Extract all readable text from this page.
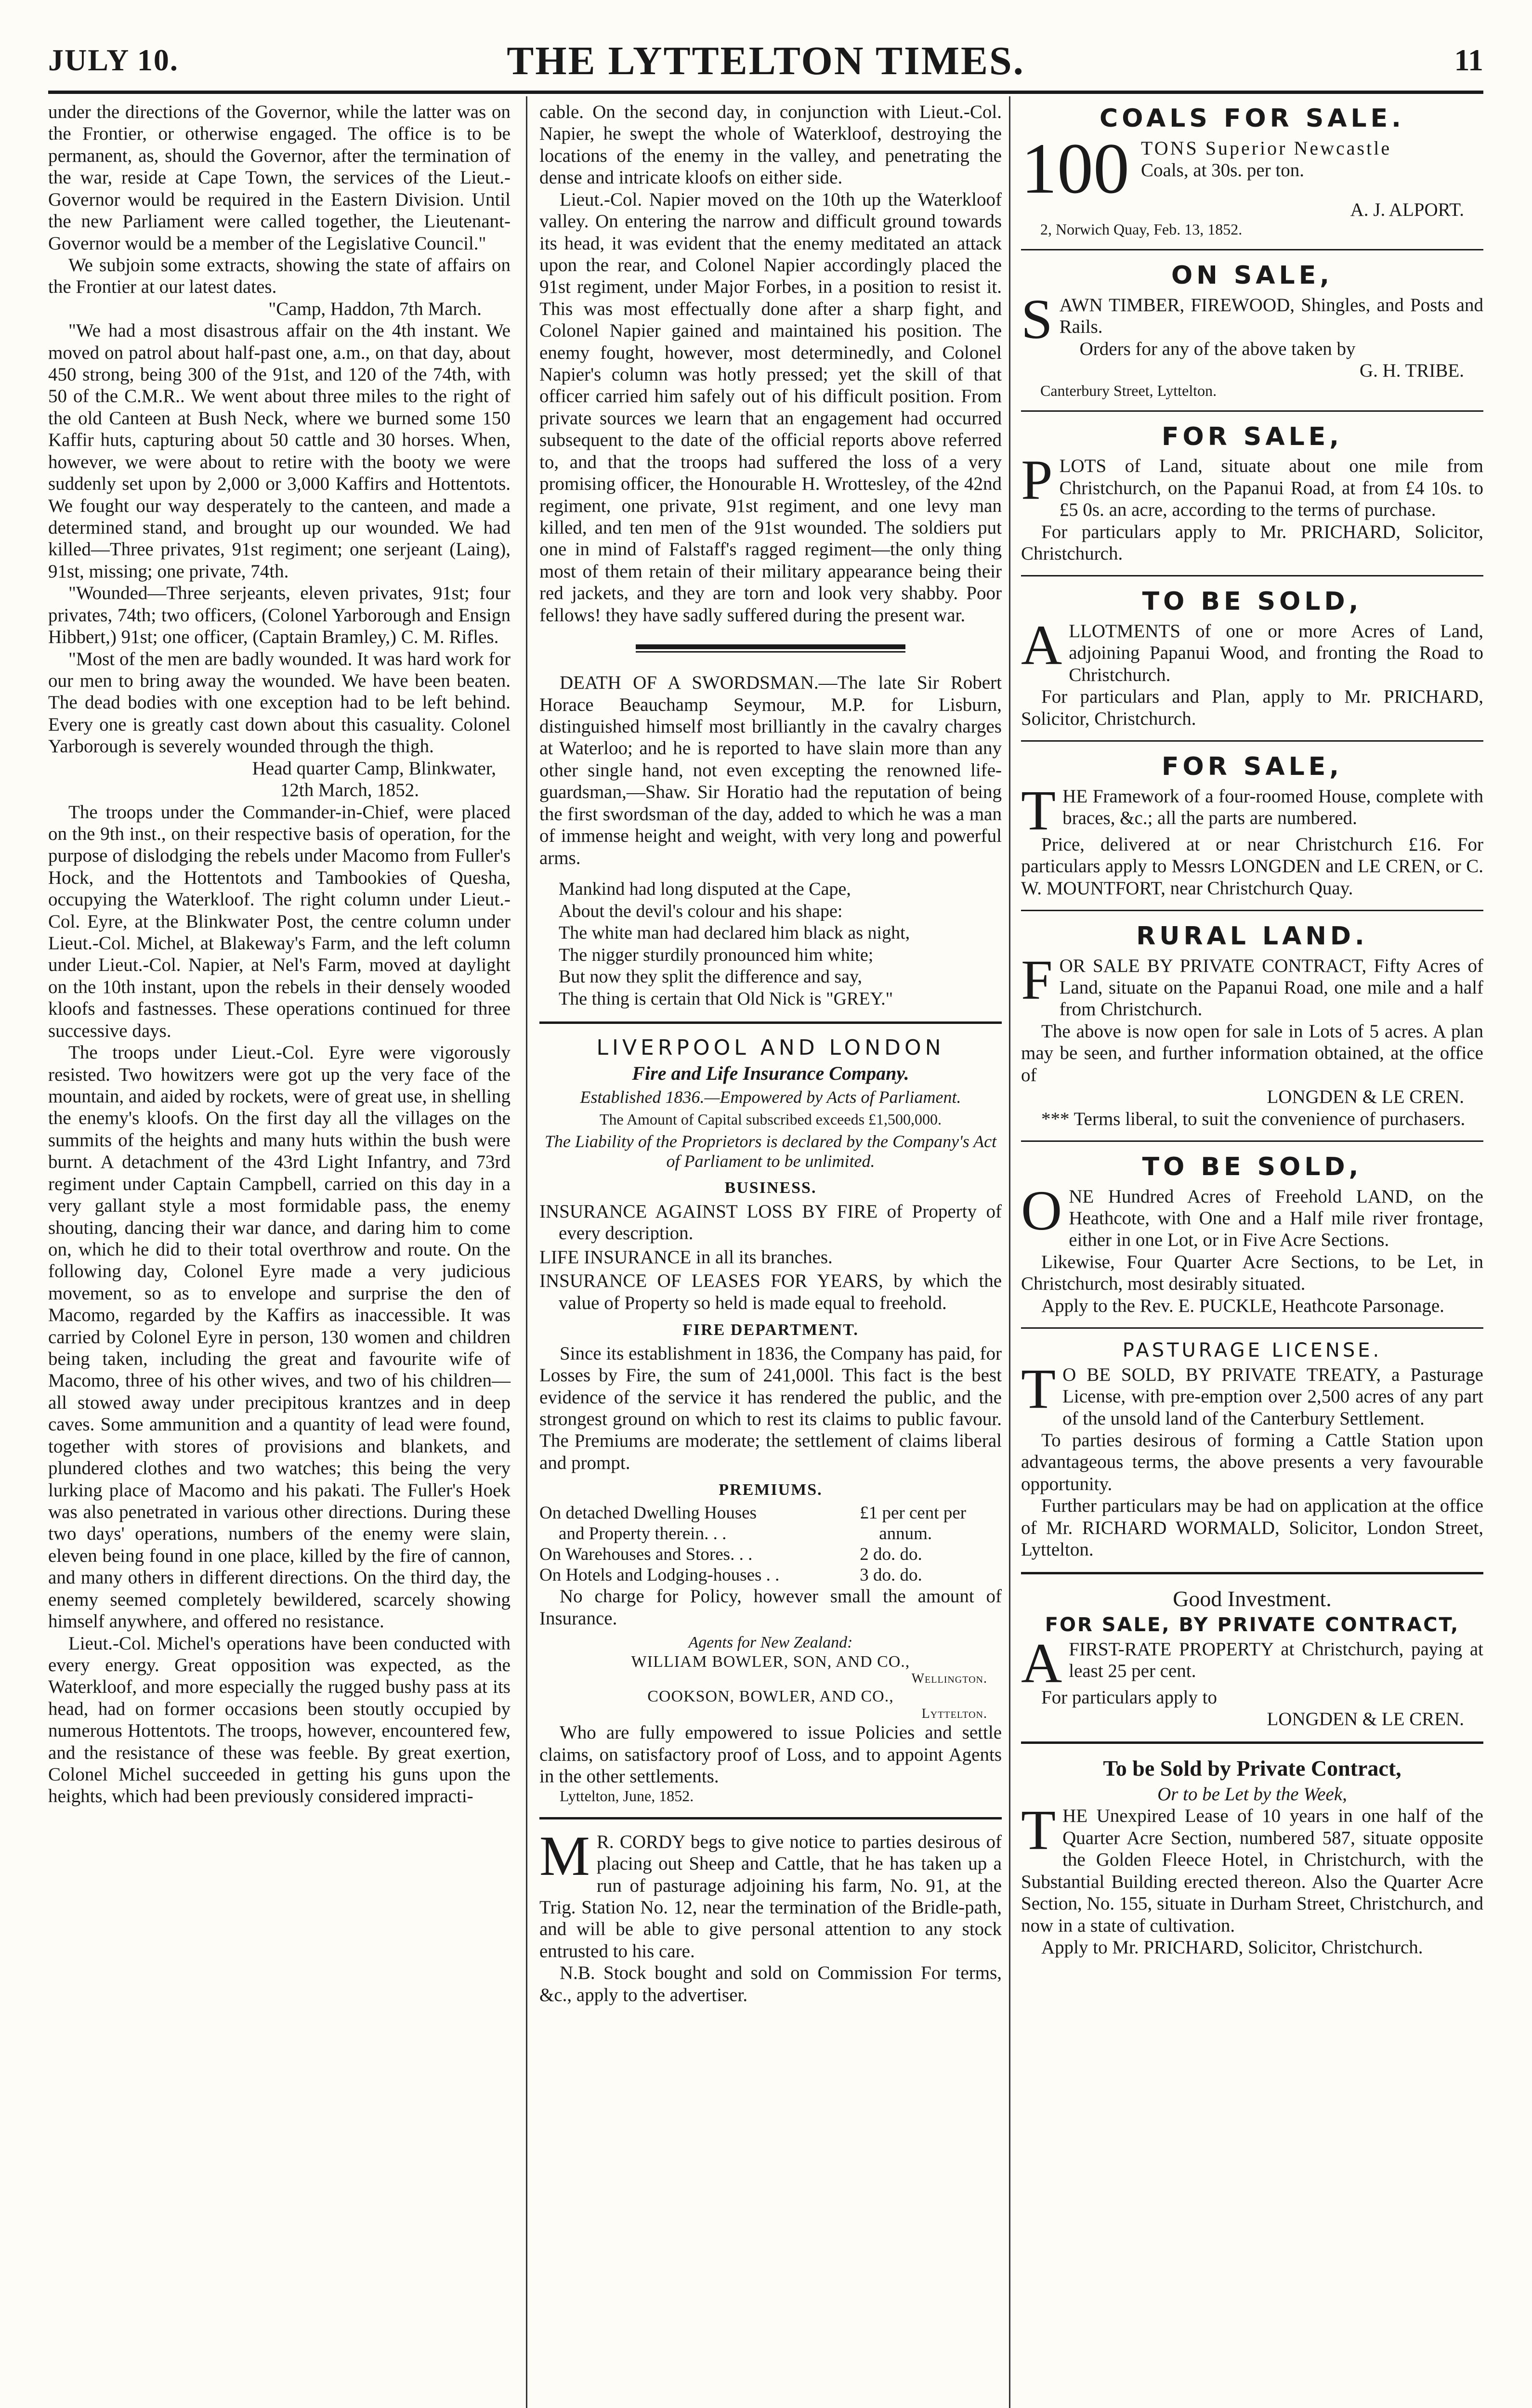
JULY 10.	THE LYTTELTON TIMES.	11

under the directions of the Governor, while the latter was on the Frontier, or otherwise engaged. The office is to be permanent, as, should the Governor, after the termination of the war, reside at Cape Town, the services of the Lieut.-Governor would be required in the Eastern Division. Until the new Parliament were called together, the Lieutenant-Governor would be a member of the Legislative Council."

We subjoin some extracts, showing the state of affairs on the Frontier at our latest dates.

"Camp, Haddon, 7th March.

"We had a most disastrous affair on the 4th instant. We moved on patrol about half-past one, a.m., on that day, about 450 strong, being 300 of the 91st, and 120 of the 74th, with 50 of the C.M.R.. We went about three miles to the right of the old Canteen at Bush Neck, where we burned some 150 Kaffir huts, capturing about 50 cattle and 30 horses. When, however, we were about to retire with the booty we were suddenly set upon by 2,000 or 3,000 Kaffirs and Hottentots. We fought our way desperately to the canteen, and made a determined stand, and brought up our wounded. We had killed—Three privates, 91st regiment; one serjeant (Laing), 91st, missing; one private, 74th.

"Wounded—Three serjeants, eleven privates, 91st; four privates, 74th; two officers, (Colonel Yarborough and Ensign Hibbert,) 91st; one officer, (Captain Bramley,) C. M. Rifles.

"Most of the men are badly wounded. It was hard work for our men to bring away the wounded. We have been beaten. The dead bodies with one exception had to be left behind. Every one is greatly cast down about this casuality. Colonel Yarborough is severely wounded through the thigh.

Head quarter Camp, Blinkwater,

12th March, 1852.

The troops under the Commander-in-Chief, were placed on the 9th inst., on their respective basis of operation, for the purpose of dislodging the rebels under Macomo from Fuller's Hock, and the Hottentots and Tambookies of Quesha, occupying the Waterkloof. The right column under Lieut.-Col. Eyre, at the Blinkwater Post, the centre column under Lieut.-Col. Michel, at Blakeway's Farm, and the left column under Lieut.-Col. Napier, at Nel's Farm, moved at daylight on the 10th instant, upon the rebels in their densely wooded kloofs and fastnesses. These operations continued for three successive days.

The troops under Lieut.-Col. Eyre were vigorously resisted. Two howitzers were got up the very face of the mountain, and aided by rockets, were of great use, in shelling the enemy's kloofs. On the first day all the villages on the summits of the heights and many huts within the bush were burnt. A detachment of the 43rd Light Infantry, and 73rd regiment under Captain Campbell, carried on this day in a very gallant style a most formidable pass, the enemy shouting, dancing their war dance, and daring him to come on, which he did to their total overthrow and route. On the following day, Colonel Eyre made a very judicious movement, so as to envelope and surprise the den of Macomo, regarded by the Kaffirs as inaccessible. It was carried by Colonel Eyre in person, 130 women and children being taken, including the great and favourite wife of Macomo, three of his other wives, and two of his children—all stowed away under precipitous krantzes and in deep caves. Some ammunition and a quantity of lead were found, together with stores of provisions and blankets, and plundered clothes and two watches; this being the very lurking place of Macomo and his pakati. The Fuller's Hoek was also penetrated in various other directions. During these two days' operations, numbers of the enemy were slain, eleven being found in one place, killed by the fire of cannon, and many others in different directions. On the third day, the enemy seemed completely bewildered, scarcely showing himself anywhere, and offered no resistance.

Lieut.-Col. Michel's operations have been conducted with every energy. Great opposition was expected, as the Waterkloof, and more especially the rugged bushy pass at its head, had on former occasions been stoutly occupied by numerous Hottentots. The troops, however, encountered few, and the resistance of these was feeble. By great exertion, Colonel Michel succeeded in getting his guns upon the heights, which had been previously considered impracti-

cable. On the second day, in conjunction with Lieut.-Col. Napier, he swept the whole of Waterkloof, destroying the locations of the enemy in the valley, and penetrating the dense and intricate kloofs on either side.

Lieut.-Col. Napier moved on the 10th up the Waterkloof valley. On entering the narrow and difficult ground towards its head, it was evident that the enemy meditated an attack upon the rear, and Colonel Napier accordingly placed the 91st regiment, under Major Forbes, in a position to resist it. This was most effectually done after a sharp fight, and Colonel Napier gained and maintained his position. The enemy fought, however, most determinedly, and Colonel Napier's column was hotly pressed; yet the skill of that officer carried him safely out of his difficult position. From private sources we learn that an engagement had occurred subsequent to the date of the official reports above referred to, and that the troops had suffered the loss of a very promising officer, the Honourable H. Wrottesley, of the 42nd regiment, one private, 91st regiment, and one levy man killed, and ten men of the 91st wounded. The soldiers put one in mind of Falstaff's ragged regiment—the only thing most of them retain of their military appearance being their red jackets, and they are torn and look very shabby. Poor fellows! they have sadly suffered during the present war.

DEATH OF A SWORDSMAN.—The late Sir Robert Horace Beauchamp Seymour, M.P. for Lisburn, distinguished himself most brilliantly in the cavalry charges at Waterloo; and he is reported to have slain more than any other single hand, not even excepting the renowned life-guardsman,—Shaw. Sir Horatio had the reputation of being the first swordsman of the day, added to which he was a man of immense height and weight, with very long and powerful arms.

Mankind had long disputed at the Cape,
About the devil's colour and his shape:
The white man had declared him black as night,
The nigger sturdily pronounced him white;
But now they split the difference and say,
The thing is certain that Old Nick is "GREY."
LIVERPOOL AND LONDON
Fire and Life Insurance Company.
Established 1836.—Empowered by Acts of Parliament.
The Amount of Capital subscribed exceeds £1,500,000.
The Liability of the Proprietors is declared by the Company's Act of Parliament to be unlimited.
BUSINESS.
INSURANCE AGAINST LOSS BY FIRE of Property of every description.
LIFE INSURANCE in all its branches.
INSURANCE OF LEASES FOR YEARS, by which the value of Property so held is made equal to freehold.
FIRE DEPARTMENT.

Since its establishment in 1836, the Company has paid, for Losses by Fire, the sum of 241,000l. This fact is the best evidence of the service it has rendered the public, and the strongest ground on which to rest its claims to public favour. The Premiums are moderate; the settlement of claims liberal and prompt.

PREMIUMS.
On detached Dwelling Houses	£1 per cent per
and Property therein. . .	annum.
On Warehouses and Stores. . .	2 do. do.
On Hotels and Lodging-houses . .	3 do. do.

No charge for Policy, however small the amount of Insurance.

Agents for New Zealand:
WILLIAM BOWLER, SON, AND CO.,
Wellington.
COOKSON, BOWLER, AND CO.,
Lyttelton.

Who are fully empowered to issue Policies and settle claims, on satisfactory proof of Loss, and to appoint Agents in the other settlements.

Lyttelton, June, 1852.

M R. CORDY begs to give notice to parties desirous of placing out Sheep and Cattle, that he has taken up a run of pasturage adjoining his farm, No. 91, at the Trig. Station No. 12, near the termination of the Bridle-path, and will be able to give personal attention to any stock entrusted to his care.

N.B. Stock bought and sold on Commission For terms, &c., apply to the advertiser.

COALS FOR SALE.
100 TONS Superior Newcastle
Coals, at 30s. per ton.
A. J. ALPORT.
2, Norwich Quay, Feb. 13, 1852.
ON SALE,
S AWN TIMBER, FIREWOOD, Shingles, and Posts and Rails.

Orders for any of the above taken by

G. H. TRIBE.
Canterbury Street, Lyttelton.
FOR SALE,
P LOTS of Land, situate about one mile from Christchurch, on the Papanui Road, at from £4 10s. to £5 0s. an acre, according to the terms of purchase.

For particulars apply to Mr. PRICHARD, Solicitor, Christchurch.

TO BE SOLD,
A LLOTMENTS of one or more Acres of Land, adjoining Papanui Wood, and fronting the Road to Christchurch.

For particulars and Plan, apply to Mr. PRICHARD, Solicitor, Christchurch.

FOR SALE,
T HE Framework of a four-roomed House, complete with braces, &c.; all the parts are numbered.

Price, delivered at or near Christchurch £16. For particulars apply to Messrs LONGDEN and LE CREN, or C. W. MOUNTFORT, near Christchurch Quay.

RURAL LAND.
F OR SALE BY PRIVATE CONTRACT, Fifty Acres of Land, situate on the Papanui Road, one mile and a half from Christchurch.

The above is now open for sale in Lots of 5 acres. A plan may be seen, and further information obtained, at the office of

LONGDEN & LE CREN.

*** Terms liberal, to suit the convenience of purchasers.

TO BE SOLD,
O NE Hundred Acres of Freehold LAND, on the Heathcote, with One and a Half mile river frontage, either in one Lot, or in Five Acre Sections.

Likewise, Four Quarter Acre Sections, to be Let, in Christchurch, most desirably situated.

Apply to the Rev. E. PUCKLE, Heathcote Parsonage.

PASTURAGE LICENSE.
T O BE SOLD, BY PRIVATE TREATY, a Pasturage License, with pre-emption over 2,500 acres of any part of the unsold land of the Canterbury Settlement.

To parties desirous of forming a Cattle Station upon advantageous terms, the above presents a very favourable opportunity.

Further particulars may be had on application at the office of Mr. RICHARD WORMALD, Solicitor, London Street, Lyttelton.

Good Investment.
FOR SALE, BY PRIVATE CONTRACT,
A FIRST-RATE PROPERTY at Christchurch, paying at least 25 per cent.

For particulars apply to

LONGDEN & LE CREN.
To be Sold by Private Contract,
Or to be Let by the Week,
T HE Unexpired Lease of 10 years in one half of the Quarter Acre Section, numbered 587, situate opposite the Golden Fleece Hotel, in Christchurch, with the Substantial Building erected thereon. Also the Quarter Acre Section, No. 155, situate in Durham Street, Christchurch, and now in a state of cultivation.

Apply to Mr. PRICHARD, Solicitor, Christchurch.
